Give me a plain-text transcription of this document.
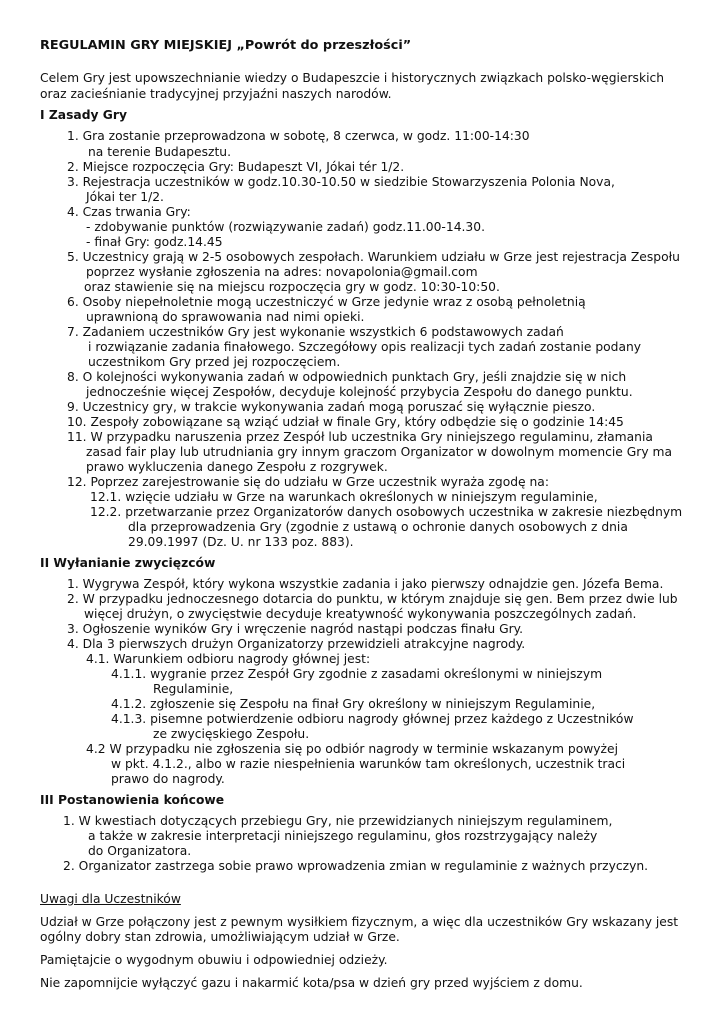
REGULAMIN GRY MIEJSKIEJ „Powrót do przeszłości”
Celem Gry jest upowszechnianie wiedzy o Budapeszcie i historycznych związkach polsko-węgierskich
oraz zacieśnianie tradycyjnej przyjaźni naszych narodów.
I Zasady Gry
1. Gra zostanie przeprowadzona w sobotę, 8 czerwca, w godz. 11:00-14:30
na terenie Budapesztu.
2. Miejsce rozpoczęcia Gry: Budapeszt VI, Jókai tér 1/2.
3. Rejestracja uczestników w godz.10.30-10.50 w siedzibie Stowarzyszenia Polonia Nova,
Jókai ter 1/2.
4. Czas trwania Gry:
- zdobywanie punktów (rozwiązywanie zadań) godz.11.00-14.30.
- finał Gry: godz.14.45
5. Uczestnicy grają w 2-5 osobowych zespołach. Warunkiem udziału w Grze jest rejestracja Zespołu
poprzez wysłanie zgłoszenia na adres: novapolonia@gmail.com
oraz stawienie się na miejscu rozpoczęcia gry w godz. 10:30-10:50.
6. Osoby niepełnoletnie mogą uczestniczyć w Grze jedynie wraz z osobą pełnoletnią
uprawnioną do sprawowania nad nimi opieki.
7. Zadaniem uczestników Gry jest wykonanie wszystkich 6 podstawowych zadań
i rozwiązanie zadania finałowego. Szczegółowy opis realizacji tych zadań zostanie podany
uczestnikom Gry przed jej rozpoczęciem.
8. O kolejności wykonywania zadań w odpowiednich punktach Gry, jeśli znajdzie się w nich
jednocześnie więcej Zespołów, decyduje kolejność przybycia Zespołu do danego punktu.
9. Uczestnicy gry, w trakcie wykonywania zadań mogą poruszać się wyłącznie pieszo.
10. Zespoły zobowiązane są wziąć udział w finale Gry, który odbędzie się o godzinie 14:45
11. W przypadku naruszenia przez Zespół lub uczestnika Gry niniejszego regulaminu, złamania
zasad fair play lub utrudniania gry innym graczom Organizator w dowolnym momencie Gry ma
prawo wykluczenia danego Zespołu z rozgrywek.
12. Poprzez zarejestrowanie się do udziału w Grze uczestnik wyraża zgodę na:
12.1. wzięcie udziału w Grze na warunkach określonych w niniejszym regulaminie,
12.2. przetwarzanie przez Organizatorów danych osobowych uczestnika w zakresie niezbędnym
dla przeprowadzenia Gry (zgodnie z ustawą o ochronie danych osobowych z dnia
29.09.1997 (Dz. U. nr 133 poz. 883).
II Wyłanianie zwycięzców
1. Wygrywa Zespół, który wykona wszystkie zadania i jako pierwszy odnajdzie gen. Józefa Bema.
2. W przypadku jednoczesnego dotarcia do punktu, w którym znajduje się gen. Bem przez dwie lub
więcej drużyn, o zwycięstwie decyduje kreatywność wykonywania poszczególnych zadań.
3. Ogłoszenie wyników Gry i wręczenie nagród nastąpi podczas finału Gry.
4. Dla 3 pierwszych drużyn Organizatorzy przewidzieli atrakcyjne nagrody.
4.1. Warunkiem odbioru nagrody głównej jest:
4.1.1. wygranie przez Zespół Gry zgodnie z zasadami określonymi w niniejszym
Regulaminie,
4.1.2. zgłoszenie się Zespołu na finał Gry określony w niniejszym Regulaminie,
4.1.3. pisemne potwierdzenie odbioru nagrody głównej przez każdego z Uczestników
ze zwycięskiego Zespołu.
4.2 W przypadku nie zgłoszenia się po odbiór nagrody w terminie wskazanym powyżej
w pkt. 4.1.2., albo w razie niespełnienia warunków tam określonych, uczestnik traci
prawo do nagrody.
III Postanowienia końcowe
1. W kwestiach dotyczących przebiegu Gry, nie przewidzianych niniejszym regulaminem,
a także w zakresie interpretacji niniejszego regulaminu, głos rozstrzygający należy
do Organizatora.
2. Organizator zastrzega sobie prawo wprowadzenia zmian w regulaminie z ważnych przyczyn.
Uwagi dla Uczestników
Udział w Grze połączony jest z pewnym wysiłkiem fizycznym, a więc dla uczestników Gry wskazany jest
ogólny dobry stan zdrowia, umożliwiającym udział w Grze.
Pamiętajcie o wygodnym obuwiu i odpowiedniej odzieży.
Nie zapomnijcie wyłączyć gazu i nakarmić kota/psa w dzień gry przed wyjściem z domu.
